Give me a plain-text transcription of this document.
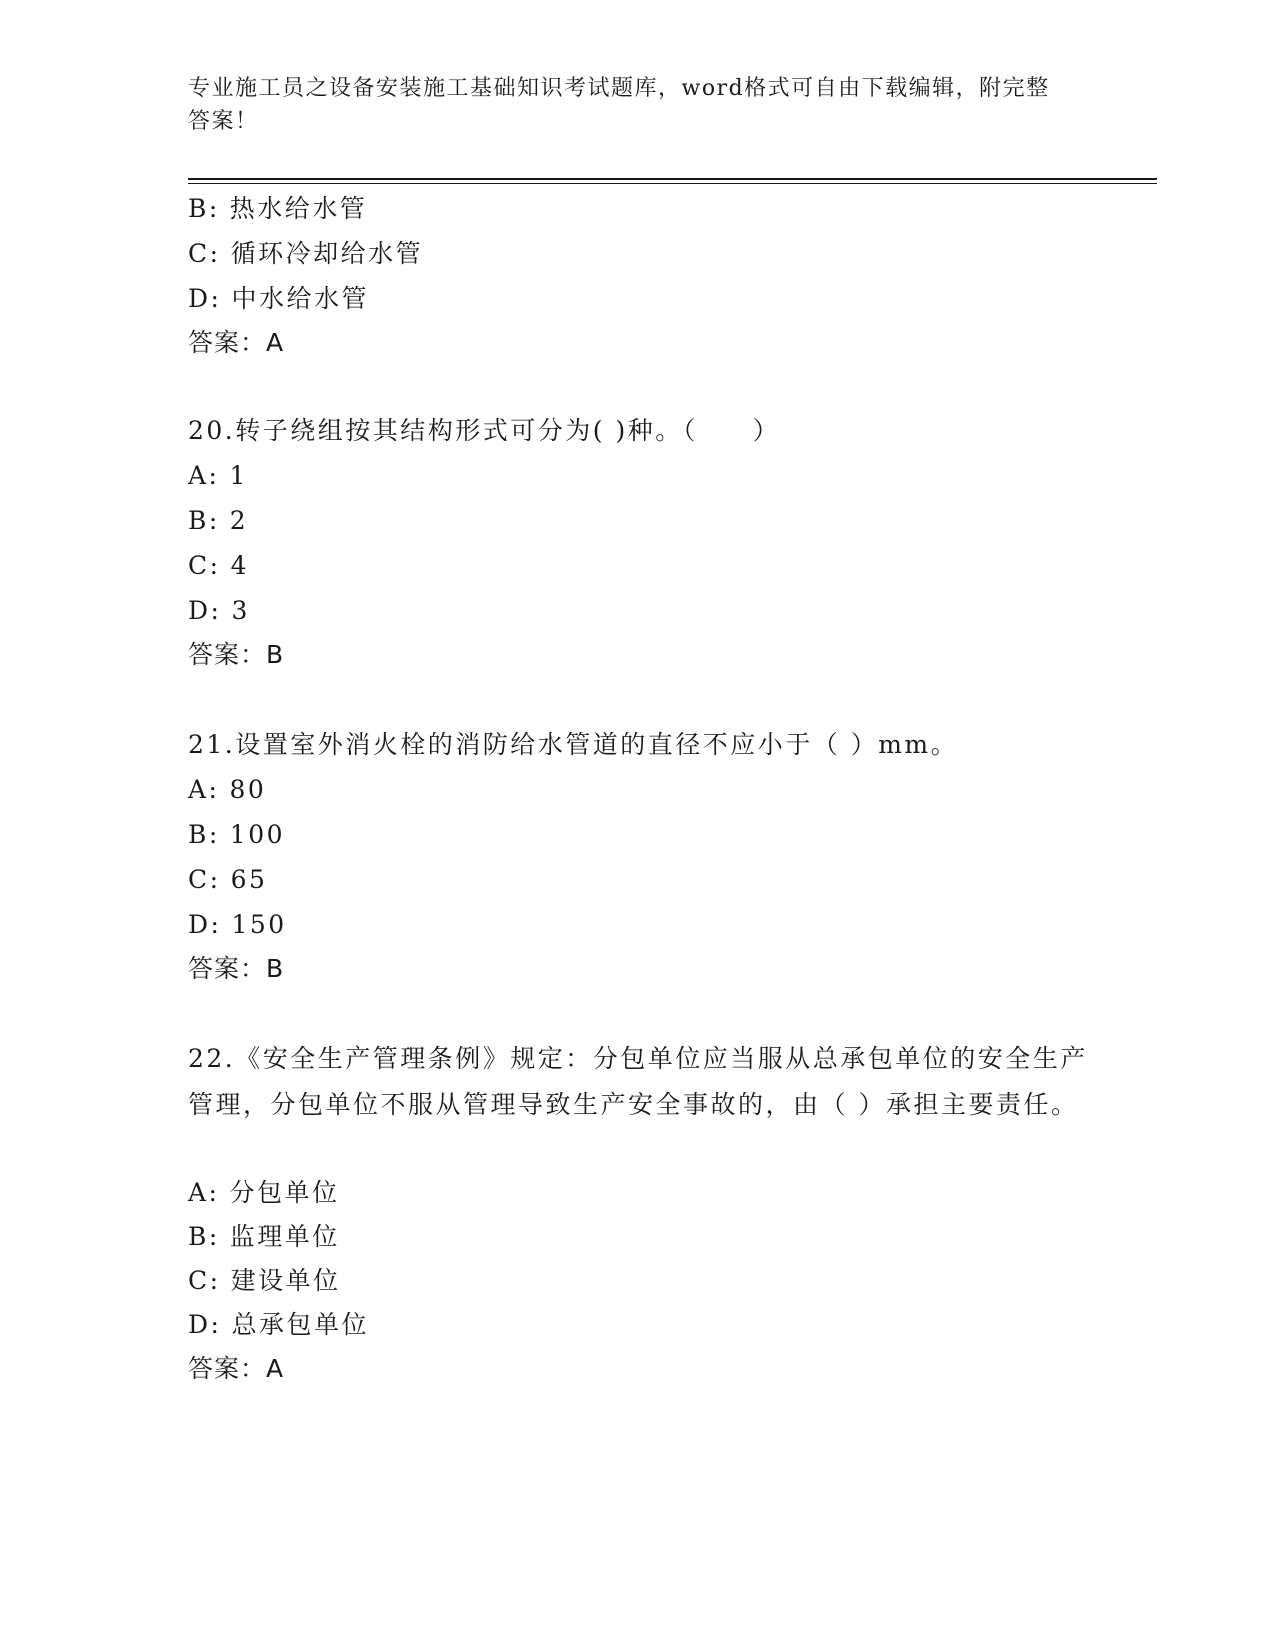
专业施工员之设备安装施工基础知识考试题库，word格式可自由下载编辑，附完整答案！
B: 热水给水管
C: 循环冷却给水管
D: 中水给水管
答案：A
20.转子绕组按其结构形式可分为( )种。（　　）
A: 1
B: 2
C: 4
D: 3
答案：B
21.设置室外消火栓的消防给水管道的直径不应小于（ ）mm。
A: 80
B: 100
C: 65
D: 150
答案：B
22.《安全生产管理条例》规定：分包单位应当服从总承包单位的安全生产管理，分包单位不服从管理导致生产安全事故的，由（ ）承担主要责任。
A: 分包单位
B: 监理单位
C: 建设单位
D: 总承包单位
答案：A
